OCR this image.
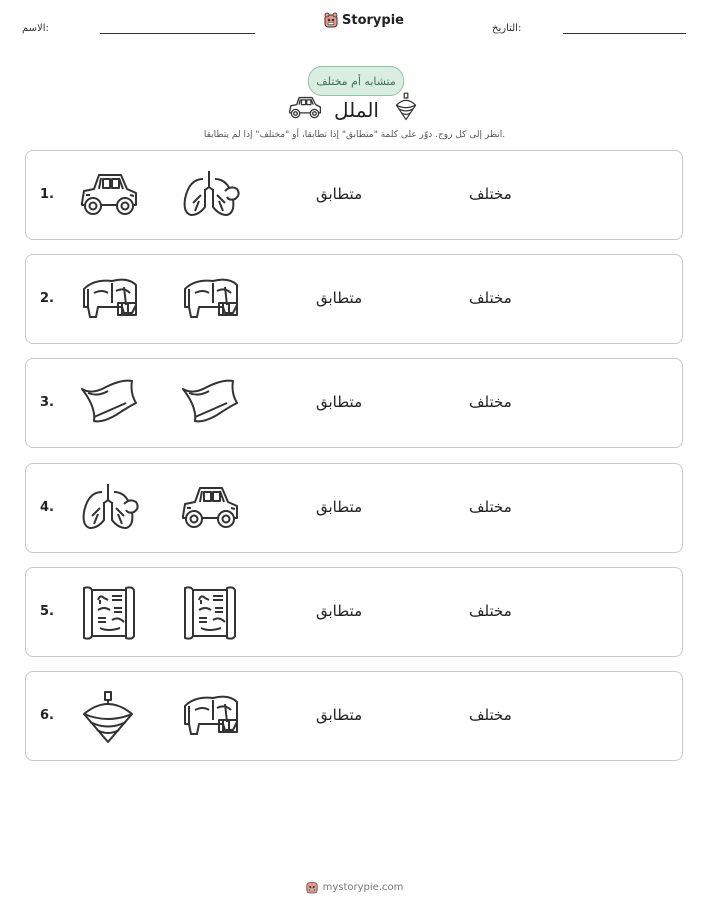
الاسم:
Storypie
التاريخ:
متشابه أم مختلف
الملل
انظر إلى كل زوج. دوّر على كلمة "متطابق" إذا تطابقا، أو "مختلف" إذا لم يتطابقا.
1.	متطابق	مختلف
2.	متطابق	مختلف
3.	متطابق	مختلف
4.	متطابق	مختلف
5.	متطابق	مختلف
6.	متطابق	مختلف
mystorypie.com
